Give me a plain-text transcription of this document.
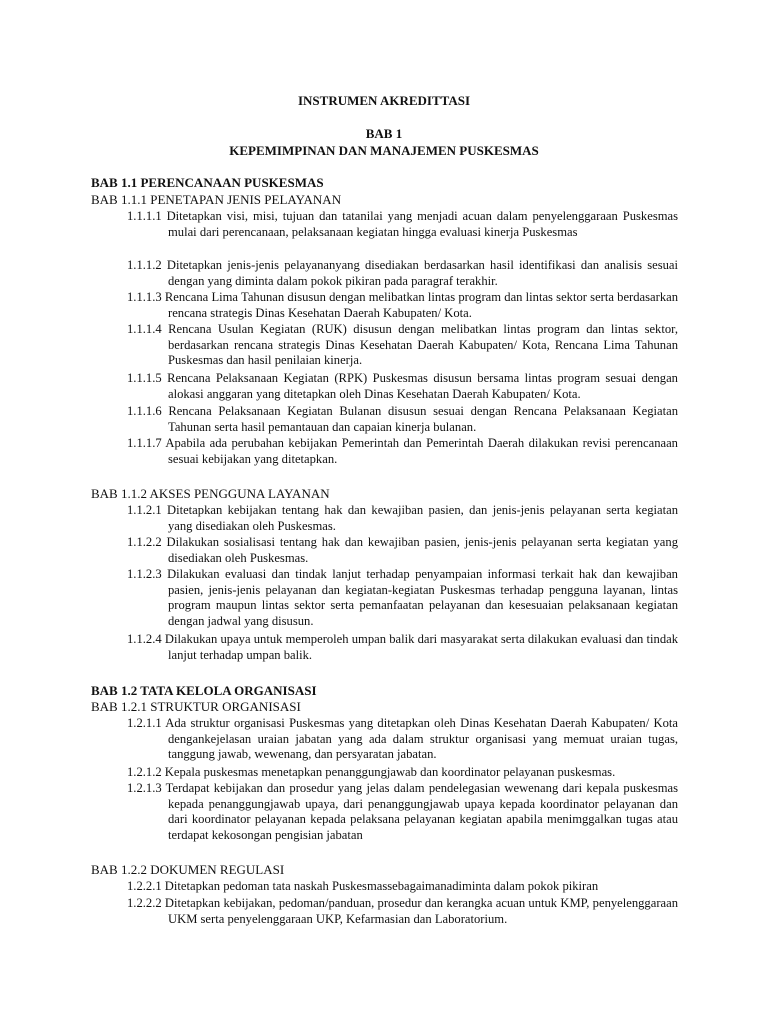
INSTRUMEN AKREDITTASI
BAB 1
KEPEMIMPINAN DAN MANAJEMEN PUSKESMAS
BAB 1.1 PERENCANAAN PUSKESMAS
BAB 1.1.1 PENETAPAN JENIS PELAYANAN
1.1.1.1 Ditetapkan visi, misi, tujuan dan tatanilai yang menjadi acuan dalam penyelenggaraan Puskesmas mulai dari perencanaan, pelaksanaan kegiatan hingga evaluasi kinerja Puskesmas
1.1.1.2 Ditetapkan jenis-jenis pelayananyang disediakan berdasarkan hasil identifikasi dan analisis sesuai dengan yang diminta dalam pokok pikiran pada paragraf terakhir.
1.1.1.3 Rencana Lima Tahunan disusun dengan melibatkan lintas program dan lintas sektor serta berdasarkan rencana strategis Dinas Kesehatan Daerah Kabupaten/ Kota.
1.1.1.4 Rencana Usulan Kegiatan (RUK) disusun dengan melibatkan lintas program dan lintas sektor, berdasarkan rencana strategis Dinas Kesehatan Daerah Kabupaten/ Kota, Rencana Lima Tahunan Puskesmas dan hasil penilaian kinerja.
1.1.1.5 Rencana Pelaksanaan Kegiatan (RPK) Puskesmas disusun bersama lintas program sesuai dengan alokasi anggaran yang ditetapkan oleh Dinas Kesehatan Daerah Kabupaten/ Kota.
1.1.1.6 Rencana Pelaksanaan Kegiatan Bulanan disusun sesuai dengan Rencana Pelaksanaan Kegiatan Tahunan serta hasil pemantauan dan capaian kinerja bulanan.
1.1.1.7 Apabila ada perubahan kebijakan Pemerintah dan Pemerintah Daerah dilakukan revisi perencanaan sesuai kebijakan yang ditetapkan.
BAB 1.1.2 AKSES PENGGUNA LAYANAN
1.1.2.1 Ditetapkan kebijakan tentang hak dan kewajiban pasien, dan jenis-jenis pelayanan serta kegiatan yang disediakan oleh Puskesmas.
1.1.2.2 Dilakukan sosialisasi tentang hak dan kewajiban pasien, jenis-jenis pelayanan serta kegiatan yang disediakan oleh Puskesmas.
1.1.2.3 Dilakukan evaluasi dan tindak lanjut terhadap penyampaian informasi terkait hak dan kewajiban pasien, jenis-jenis pelayanan dan kegiatan-kegiatan Puskesmas terhadap pengguna layanan, lintas program maupun lintas sektor serta pemanfaatan pelayanan dan kesesuaian pelaksanaan kegiatan dengan jadwal yang disusun.
1.1.2.4 Dilakukan upaya untuk memperoleh umpan balik dari masyarakat serta dilakukan evaluasi dan tindak lanjut terhadap umpan balik.
BAB 1.2 TATA KELOLA ORGANISASI
BAB 1.2.1 STRUKTUR ORGANISASI
1.2.1.1 Ada struktur organisasi Puskesmas yang ditetapkan oleh Dinas Kesehatan Daerah Kabupaten/ Kota dengankejelasan uraian jabatan yang ada dalam struktur organisasi yang memuat uraian tugas, tanggung jawab, wewenang, dan persyaratan jabatan.
1.2.1.2 Kepala puskesmas menetapkan penanggungjawab dan koordinator pelayanan puskesmas.
1.2.1.3 Terdapat kebijakan dan prosedur yang jelas dalam pendelegasian wewenang dari kepala puskesmas kepada penanggungjawab upaya, dari penanggungjawab upaya kepada koordinator pelayanan dan dari koordinator pelayanan kepada pelaksana pelayanan kegiatan apabila menimggalkan tugas atau terdapat kekosongan pengisian jabatan
BAB 1.2.2 DOKUMEN REGULASI
1.2.2.1 Ditetapkan pedoman tata naskah Puskesmassebagaimanadiminta dalam pokok pikiran
1.2.2.2 Ditetapkan kebijakan, pedoman/panduan, prosedur dan kerangka acuan untuk KMP, penyelenggaraan UKM serta penyelenggaraan UKP, Kefarmasian dan Laboratorium.
